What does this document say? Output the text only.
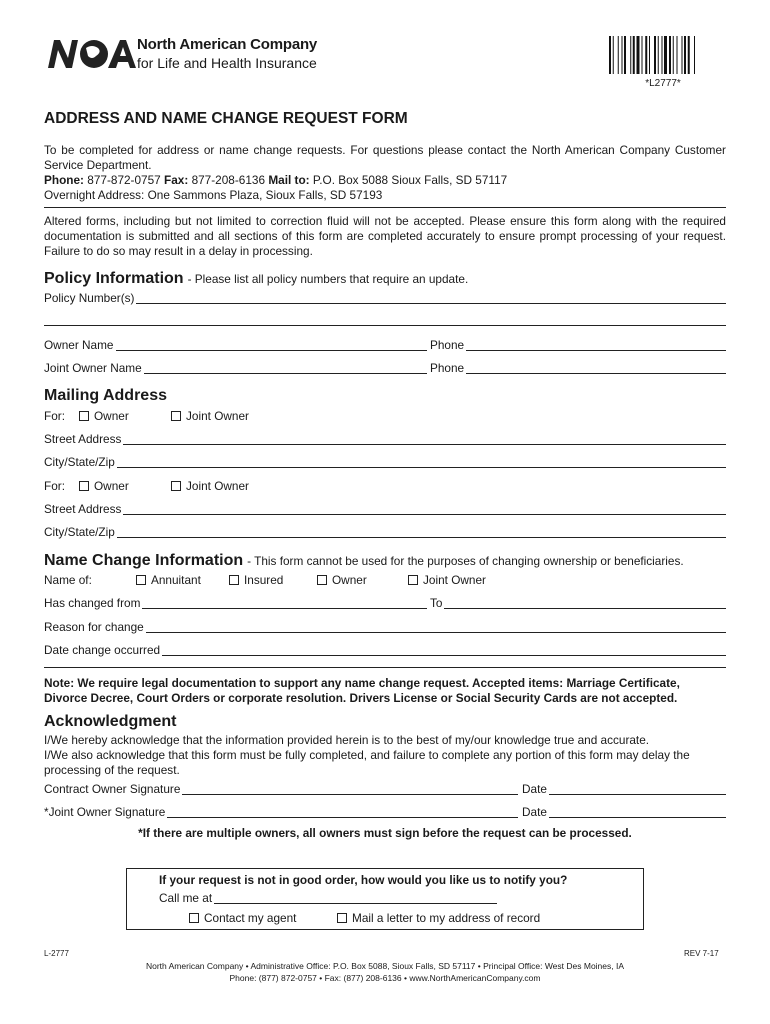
North American Company
for Life and Health Insurance
*L2777*
ADDRESS AND NAME CHANGE REQUEST FORM
To be completed for address or name change requests. For questions please contact the North American Company Customer Service Department.
Phone: 877-872-0757 Fax: 877-208-6136 Mail to: P.O. Box 5088 Sioux Falls, SD 57117
Overnight Address: One Sammons Plaza, Sioux Falls, SD 57193
Altered forms, including but not limited to correction fluid will not be accepted. Please ensure this form along with the required documentation is submitted and all sections of this form are completed accurately to ensure prompt processing of your request. Failure to do so may result in a delay in processing.
Policy Information - Please list all policy numbers that require an update.
Policy Number(s)
Owner Name	Phone
Joint Owner Name	Phone
Mailing Address
For: Owner	Joint Owner
Street Address
City/State/Zip
For: Owner	Joint Owner
Street Address
City/State/Zip
Name Change Information - This form cannot be used for the purposes of changing ownership or beneficiaries.
Name of:	Annuitant	Insured	Owner	Joint Owner
Has changed from	To
Reason for change
Date change occurred
Note: We require legal documentation to support any name change request. Accepted items: Marriage Certificate, Divorce Decree, Court Orders or corporate resolution. Drivers License or Social Security Cards are not accepted.
Acknowledgment
I/We hereby acknowledge that the information provided herein is to the best of my/our knowledge true and accurate.
I/We also acknowledge that this form must be fully completed, and failure to complete any portion of this form may delay the processing of the request.
Contract Owner Signature	Date
*Joint Owner Signature	Date
*If there are multiple owners, all owners must sign before the request can be processed.
If your request is not in good order, how would you like us to notify you?
Call me at
Contact my agent	Mail a letter to my address of record
L-2777	REV 7-17
North American Company • Administrative Office: P.O. Box 5088, Sioux Falls, SD 57117 • Principal Office: West Des Moines, IA
Phone: (877) 872-0757 • Fax: (877) 208-6136 • www.NorthAmericanCompany.com
